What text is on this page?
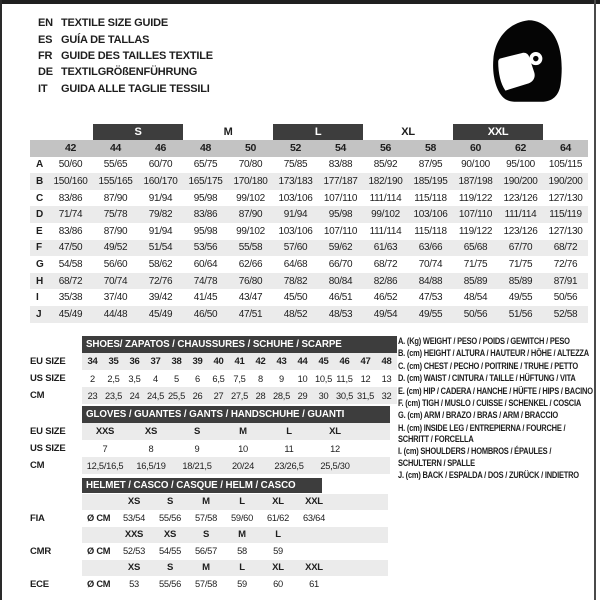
EN TEXTILE SIZE GUIDE
ES GUÍA DE TALLAS
FR GUIDE DES TAILLES TEXTILE
DE TEXTILGRÖßENFÜHRUNG
IT	GUIDA ALLE TAGLIE TESSILI
		S		M		L		XL		XXL		
	42	44	46	48	50	52	54	56	58	60	62	64
A	50/60	55/65	60/70	65/75	70/80	75/85	83/88	85/92	87/95	90/100	95/100	105/115
B	150/160	155/165	160/170	165/175	170/180	173/183	177/187	182/190	185/195	187/198	190/200	190/200
C	83/86	87/90	91/94	95/98	99/102	103/106	107/110	111/114	115/118	119/122	123/126	127/130
D	71/74	75/78	79/82	83/86	87/90	91/94	95/98	99/102	103/106	107/110	111/114	115/119
E	83/86	87/90	91/94	95/98	99/102	103/106	107/110	111/114	115/118	119/122	123/126	127/130
F	47/50	49/52	51/54	53/56	55/58	57/60	59/62	61/63	63/66	65/68	67/70	68/72
G	54/58	56/60	58/62	60/64	62/66	64/68	66/70	68/72	70/74	71/75	71/75	72/76
H	68/72	70/74	72/76	74/78	76/80	78/82	80/84	82/86	84/88	85/89	85/89	87/91
I	35/38	37/40	39/42	41/45	43/47	45/50	46/51	46/52	47/53	48/54	49/55	50/56
J	45/49	44/48	45/49	46/50	47/51	48/52	48/53	49/54	49/55	50/56	51/56	52/58
	SHOES/ ZAPATOS / CHAUSSURES / SCHUHE / SCARPE														
EU SIZE	34	35	36	37	38	39	40	41	42	43	44	45	46	47	48
US SIZE	2	2,5	3,5	4	5	6	6,5	7,5	8	9	10	10,5	11,5	12	13
CM	23	23,5	24	24,5	25,5	26	27	27,5	28	28,5	29	30	30,5	31,5	32
	GLOVES / GUANTES / GANTS / HANDSCHUHE / GUANTI						
EU SIZE	XXS	XS	S	M	L	XL	
US SIZE	7	8	9	10	11	12	
CM	12,5/16,5	16,5/19	18/21,5	20/24	23/26,5	25,5/30	

	HELMET / CASCO / CASQUE / HELM / CASCO							

		XS	S	M	L	XL	XXL	
FIA	Ø CM	53/54	55/56	57/58	59/60	61/62	63/64	
		XXS	XS	S	M	L		
CMR	Ø CM	52/53	54/55	56/57	58	59		
		XS	S	M	L	XL	XXL	
ECE	Ø CM	53	55/56	57/58	59	60	61	
A. (Kg) WEIGHT / PESO / POIDS / GEWITCH / PESO
B. (cm) HEIGHT / ALTURA / HAUTEUR / HÖHE / ALTEZZA
C. (cm) CHEST / PECHO / POITRINE / TRUHE / PETTO
D. (cm) WAIST / CINTURA / TAILLE / HÜFTUNG / VITA
E. (cm) HIP / CADERA / HANCHE / HÜFTE / HIPS / BACINO
F. (cm) TIGH / MUSLO / CUISSE / SCHENKEL / COSCIA
G. (cm) ARM / BRAZO / BRAS / ARM / BRACCIO
H. (cm) INSIDE LEG / ENTREPIERNA / FOURCHE / SCHRITT / FORCELLA
I. (cm) SHOULDERS / HOMBROS / ÉPAULES / SCHULTERN / SPALLE
J. (cm) BACK / ESPALDA / DOS / ZURÜCK / INDIETRO
